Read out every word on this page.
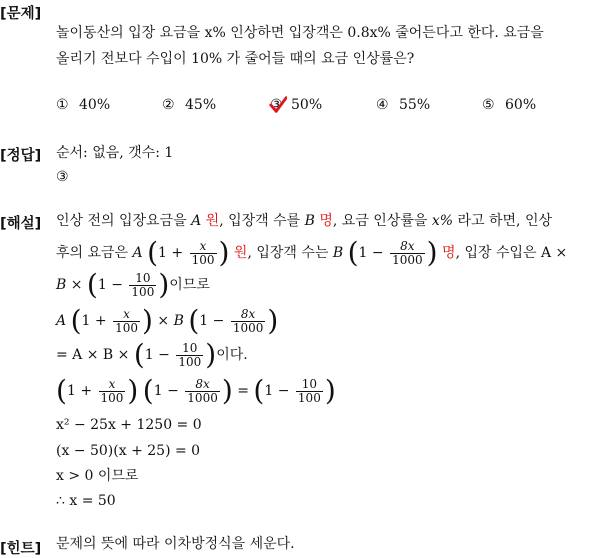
[문제]
놀이동산의 입장 요금을 x% 인상하면 입장객은 0.8x% 줄어든다고 한다. 요금을
올리기 전보다 수입이 10% 가 줄어들 때의 요금 인상률은?
① 40%	② 45%	③ 50%	④ 55%	⑤ 60%
[정답] 순서: 없음, 갯수: 1
③
[해설] 인상 전의 입장요금을 A 원, 입장객 수를 B 명, 요금 인상률을 x% 라고 하면, 인상
후의 요금은 A ($1 + \frac{x}{100}$ ) 원, 입장객 수는 B ($1 - \frac{8x}{1000}$ ) 명, 입장 수입은 A ×
$B \times (1 - \frac{10}{100}$ )이므로
A ($1 + \frac{x}{100}$ ) × B ($1 - \frac{8x}{1000}$ )
= $A \times B \times (1 - \frac{10}{100}$ )이다.
($1 + \frac{x}{100}$ ) ($1 - \frac{8x}{1000}$ ) = ($1 - \frac{10}{100}$ )
x² − 25x + 1250 = 0
(x − 50)(x + 25) = 0
x > 0 이므로
∴ x = 50
[힌트] 문제의 뜻에 따라 이차방정식을 세운다.
